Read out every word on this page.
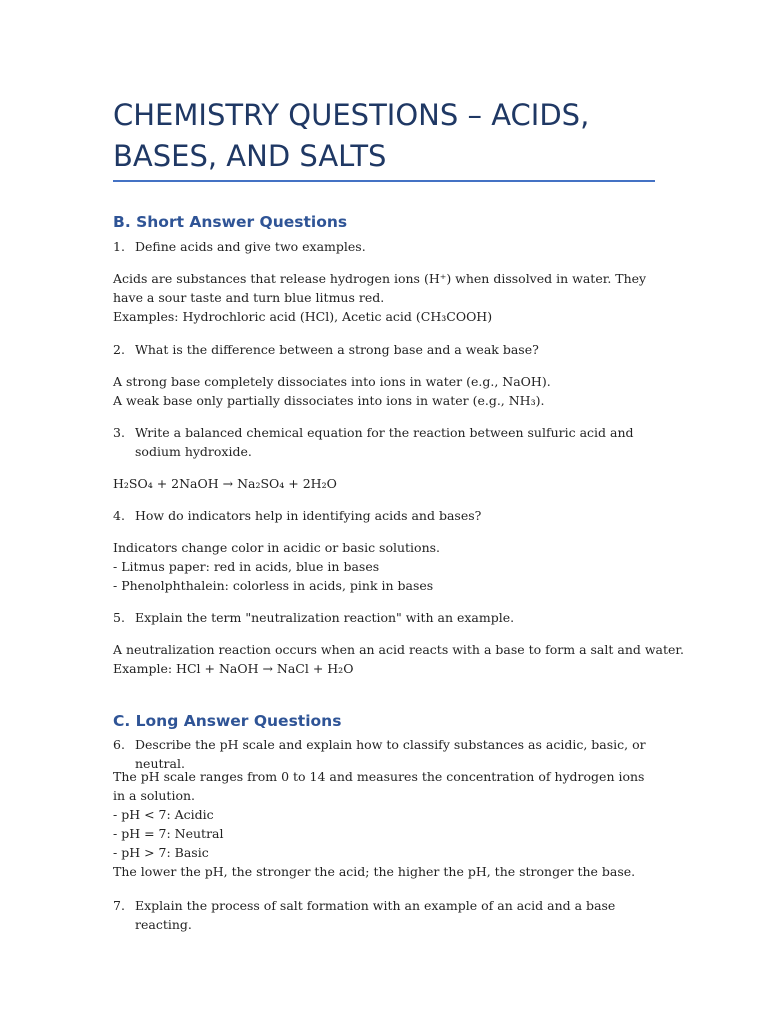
CHEMISTRY QUESTIONS – ACIDS, BASES, AND SALTS
B. Short Answer Questions
1. Define acids and give two examples.
Acids are substances that release hydrogen ions (H⁺) when dissolved in water. They have a sour taste and turn blue litmus red.
Examples: Hydrochloric acid (HCl), Acetic acid (CH₃COOH)
2. What is the difference between a strong base and a weak base?
A strong base completely dissociates into ions in water (e.g., NaOH).
A weak base only partially dissociates into ions in water (e.g., NH₃).
3. Write a balanced chemical equation for the reaction between sulfuric acid and sodium hydroxide.
H₂SO₄ + 2NaOH → Na₂SO₄ + 2H₂O
4. How do indicators help in identifying acids and bases?
Indicators change color in acidic or basic solutions.
- Litmus paper: red in acids, blue in bases
- Phenolphthalein: colorless in acids, pink in bases
5. Explain the term "neutralization reaction" with an example.
A neutralization reaction occurs when an acid reacts with a base to form a salt and water.
Example: HCl + NaOH → NaCl + H₂O
C. Long Answer Questions
6. Describe the pH scale and explain how to classify substances as acidic, basic, or neutral.
The pH scale ranges from 0 to 14 and measures the concentration of hydrogen ions in a solution.
- pH < 7: Acidic
- pH = 7: Neutral
- pH > 7: Basic
The lower the pH, the stronger the acid; the higher the pH, the stronger the base.
7. Explain the process of salt formation with an example of an acid and a base reacting.
